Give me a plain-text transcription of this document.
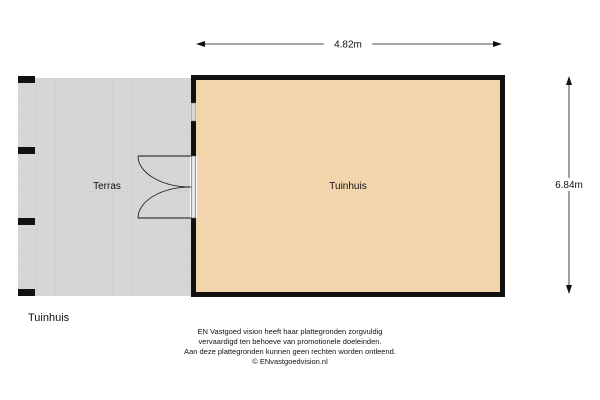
Terras	Tuinhuis
4.82m
6.84m
Tuinhuis
EN Vastgoed vision heeft haar plattegronden zorgvuldig
vervaardigd ten behoeve van promotionele doeleinden.
Aan deze plattegronden kunnen geen rechten worden ontleend.
© ENvastgoedvision.nl
